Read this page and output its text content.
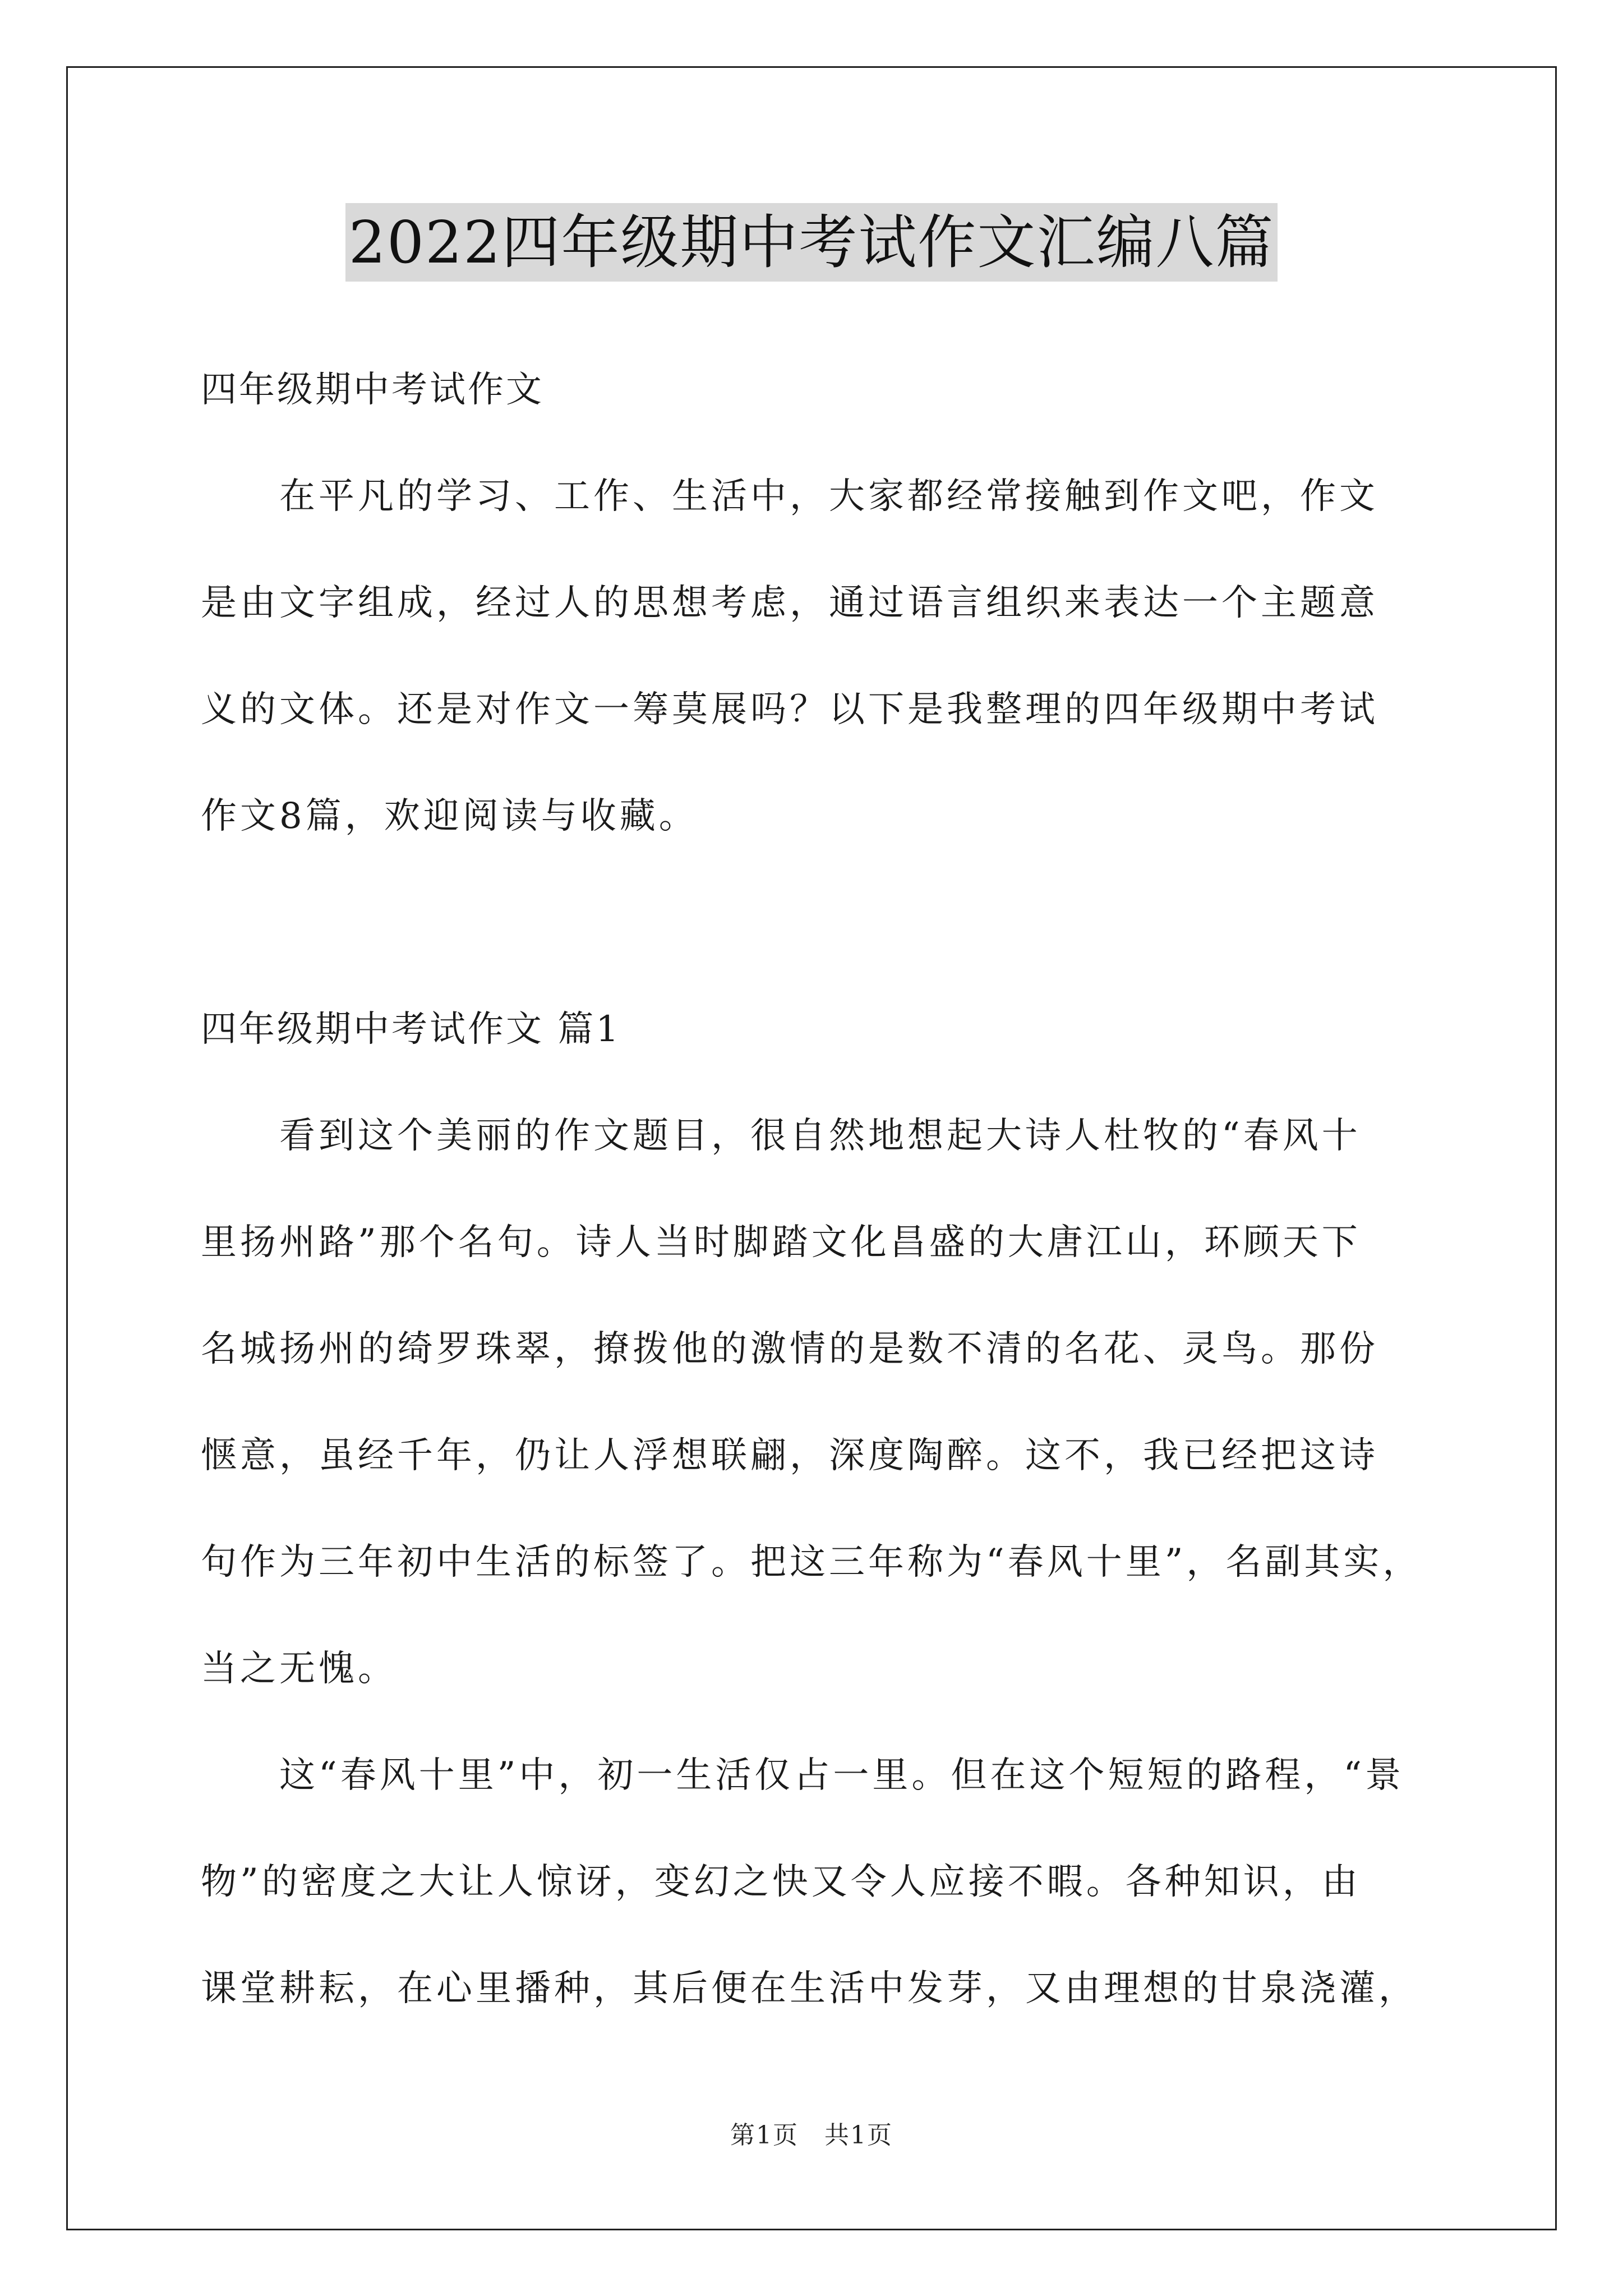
2022四年级期中考试作文汇编八篇
四年级期中考试作文
在平凡的学习、工作、生活中，大家都经常接触到作文吧，作文
是由文字组成，经过人的思想考虑，通过语言组织来表达一个主题意
义的文体。还是对作文一筹莫展吗？以下是我整理的四年级期中考试
作文8篇，欢迎阅读与收藏。
四年级期中考试作文 篇1
看到这个美丽的作文题目，很自然地想起大诗人杜牧的“春风十
里扬州路”那个名句。诗人当时脚踏文化昌盛的大唐江山，环顾天下
名城扬州的绮罗珠翠，撩拨他的激情的是数不清的名花、灵鸟。那份
惬意，虽经千年，仍让人浮想联翩，深度陶醉。这不，我已经把这诗
句作为三年初中生活的标签了。把这三年称为“春风十里”，名副其实，
当之无愧。
这“春风十里”中，初一生活仅占一里。但在这个短短的路程，“景
物”的密度之大让人惊讶，变幻之快又令人应接不暇。各种知识，由
课堂耕耘，在心里播种，其后便在生活中发芽，又由理想的甘泉浇灌，
第1页　共1页
